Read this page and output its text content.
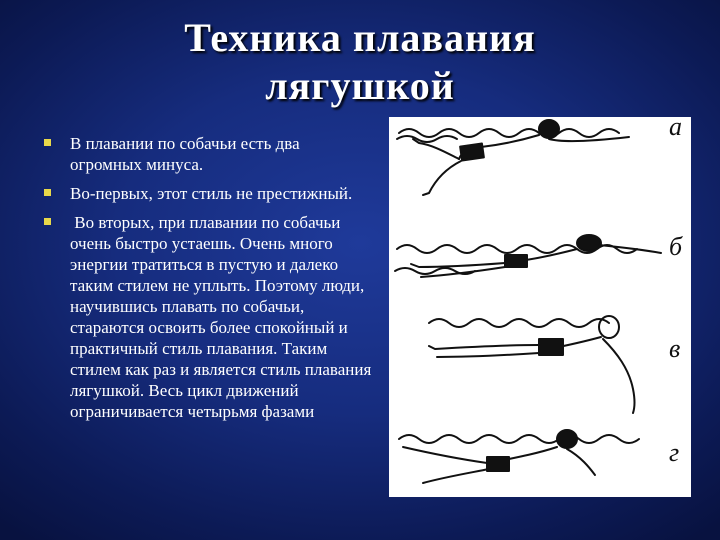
Техника плавания
лягушкой
В плавании по собачьи есть два огромных минуса.
Во-первых, этот стиль не престижный.
Во вторых, при плавании по собачьи очень быстро устаешь. Очень много энергии тратиться в пустую и далеко таким стилем не уплыть. Поэтому люди, научившись плавать по собачьи, стараются освоить более спокойный и практичный стиль плавания. Таким стилем как раз и является стиль плавания лягушкой. Весь цикл движений ограничивается четырьмя фазами
а
б
в
г
